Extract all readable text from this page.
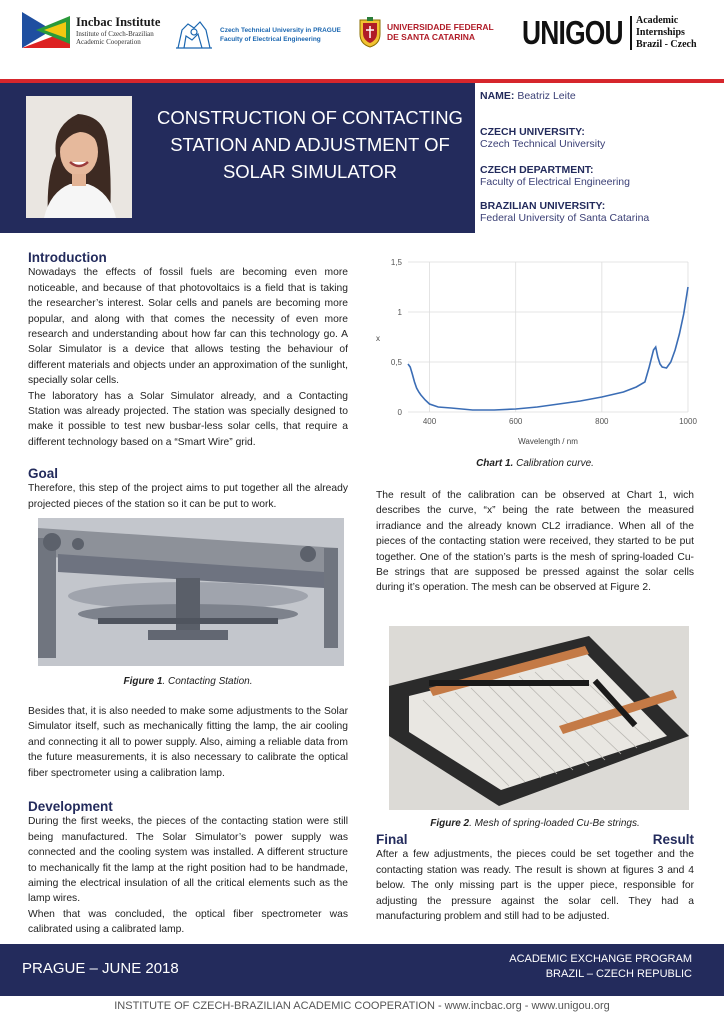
Incbac Institute
Institute of Czech-Brazilian
Academic Cooperation
Czech Technical University in PRAGUE
Faculty of Electrical Engineering
UNIVERSIDADE FEDERAL
DE SANTA CATARINA	UNIGOU Academic
Internships
Brazil - Czech
CONSTRUCTION OF CONTACTING STATION AND ADJUSTMENT OF SOLAR SIMULATOR
NAME: Beatriz Leite
CZECH UNIVERSITY:
Czech Technical University
CZECH DEPARTMENT:
Faculty of Electrical Engineering
BRAZILIAN UNIVERSITY:
Federal University of Santa Catarina
Introduction
Nowadays the effects of fossil fuels are becoming even more noticeable, and because of that photovoltaics is a field that is taking the researcher’s interest. Solar cells and panels are becoming more popular, and along with that comes the necessity of even more research and understanding about how far can this technology go. A Solar Simulator is a device that allows testing the behaviour of different materials and objects under an approximation of the sunlight, specially solar cells.
The laboratory has a Solar Simulator already, and a Contacting Station was already projected. The station was specially designed to make it possible to test new busbar-less solar cells, that require a different technology based on a “Smart Wire” grid.
Goal
Therefore, this step of the project aims to put together all the already projected pieces of the station so it can be put to work.
Figure 1. Contacting Station.
Besides that, it is also needed to make some adjustments to the Solar Simulator itself, such as mechanically fitting the lamp, the air cooling and connecting it all to power supply. Also, aiming a reliable data from the future measurements, it is also necessary to calibrate the optical fiber spectrometer using a calibration lamp.
Development
During the first weeks, the pieces of the contacting station were still being manufactured. The Solar Simulator’s power supply was connected and the cooling system was installed. A different structure to mechanically fit the lamp at the right position had to be handmade, aiming the electrical insulation of all the critical elements such as the lamp wires.
When that was concluded, the optical fiber spectrometer was calibrated using a calibrated lamp.
0
0,5
1
1,5
400	600	800	1000
Wavelength / nm
x
Chart 1. Calibration curve.
The result of the calibration can be observed at Chart 1, wich describes the curve, “x” being the rate between the measured irradiance and the already known CL2 irradiance. When all of the pieces of the contacting station were received, they started to be put together. One of the station’s parts is the mesh of spring-loaded Cu-Be strings that are supposed be pressed against the solar cells during it’s operation. The mesh can be observed at Figure 2.
Figure 2. Mesh of spring-loaded Cu-Be strings.
Final	Result
After a few adjustments, the pieces could be set together and the contacting station was ready. The result is shown at figures 3 and 4 below. The only missing part is the upper piece, responsible for adjusting the pressure against the solar cell. They had a manufacturing problem and still had to be adjusted.
PRAGUE – JUNE 2018
ACADEMIC EXCHANGE PROGRAM
BRAZIL – CZECH REPUBLIC
INSTITUTE OF CZECH-BRAZILIAN ACADEMIC COOPERATION - www.incbac.org - www.unigou.org
